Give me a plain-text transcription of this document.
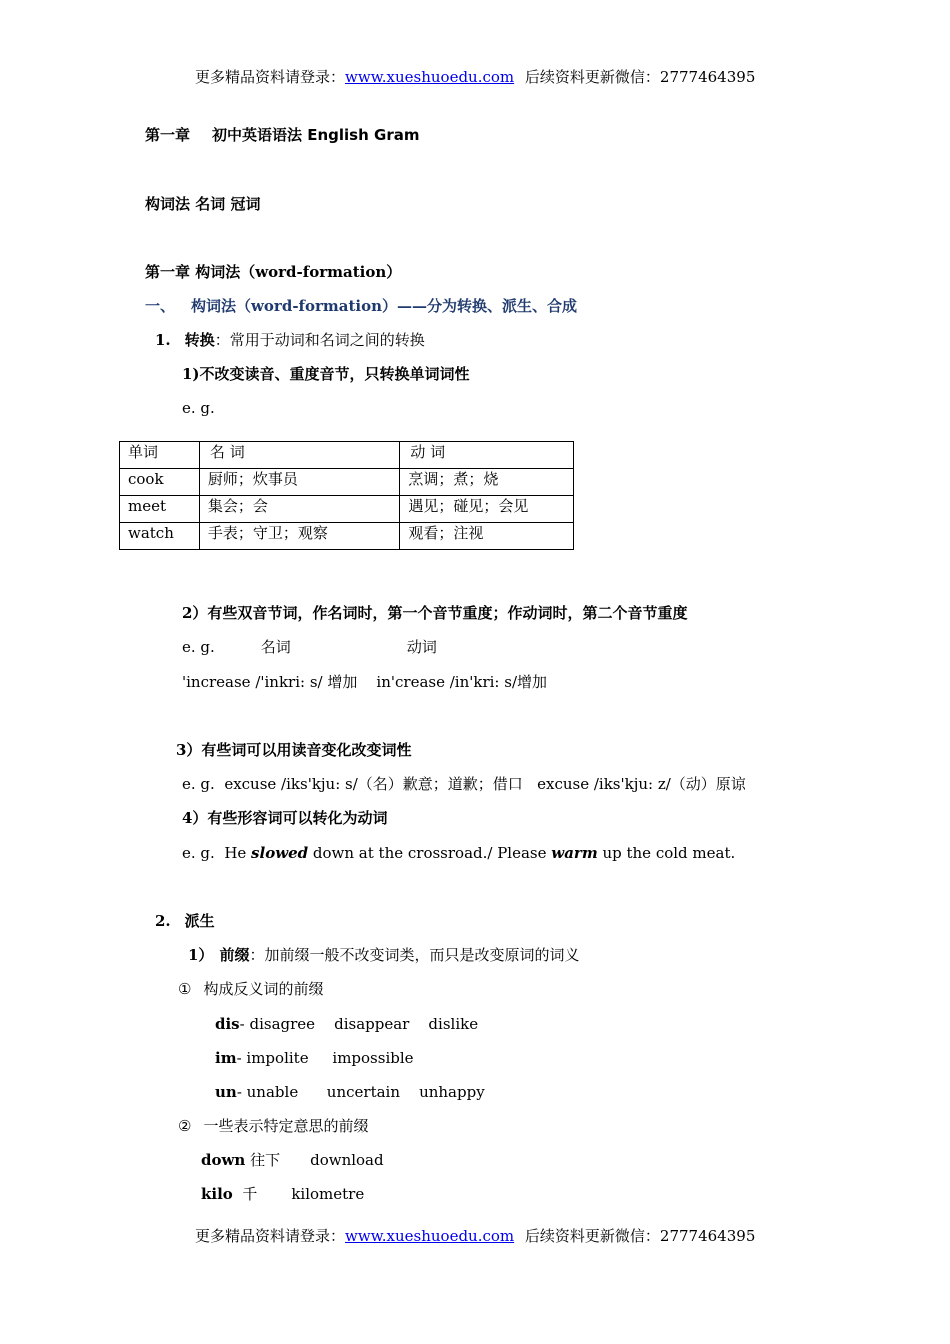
更多精品资料请登录：www.xueshuoedu.com 后续资料更新微信：2777464395
第一章 初中英语语法 English Gram
构词法 名词 冠词
第一章 构词法（word-formation）
一、 构词法（word-formation）——分为转换、派生、合成
1. 转换：常用于动词和名词之间的转换
1)不改变读音、重度音节，只转换单词词性
e. g.
单词	名 词	动 词
cook	厨师；炊事员	烹调；煮；烧
meet	集会；会	遇见；碰见；会见
watch	手表；守卫；观察	观看；注视
2）有些双音节词，作名词时，第一个音节重度；作动词时，第二个音节重度
e. g.	名词	动词
'increase /'inkri: s/ 增加    in'crease /in'kri: s/增加
3）有些词可以用读音变化改变词性
e. g.  excuse /iks'kju: s/（名）歉意；道歉；借口   excuse /iks'kju: z/（动）原谅
4）有些形容词可以转化为动词
e. g.  He slowed down at the crossroad./ Please warm up the cold meat.
2. 派生
1） 前缀：加前缀一般不改变词类，而只是改变原词的词义
① 构成反义词的前缀
dis- disagree    disappear    dislike
im- impolite     impossible
un- unable      uncertain    unhappy
② 一些表示特定意思的前缀
down 往下 download
kilo  千 kilometre
更多精品资料请登录：www.xueshuoedu.com 后续资料更新微信：2777464395
